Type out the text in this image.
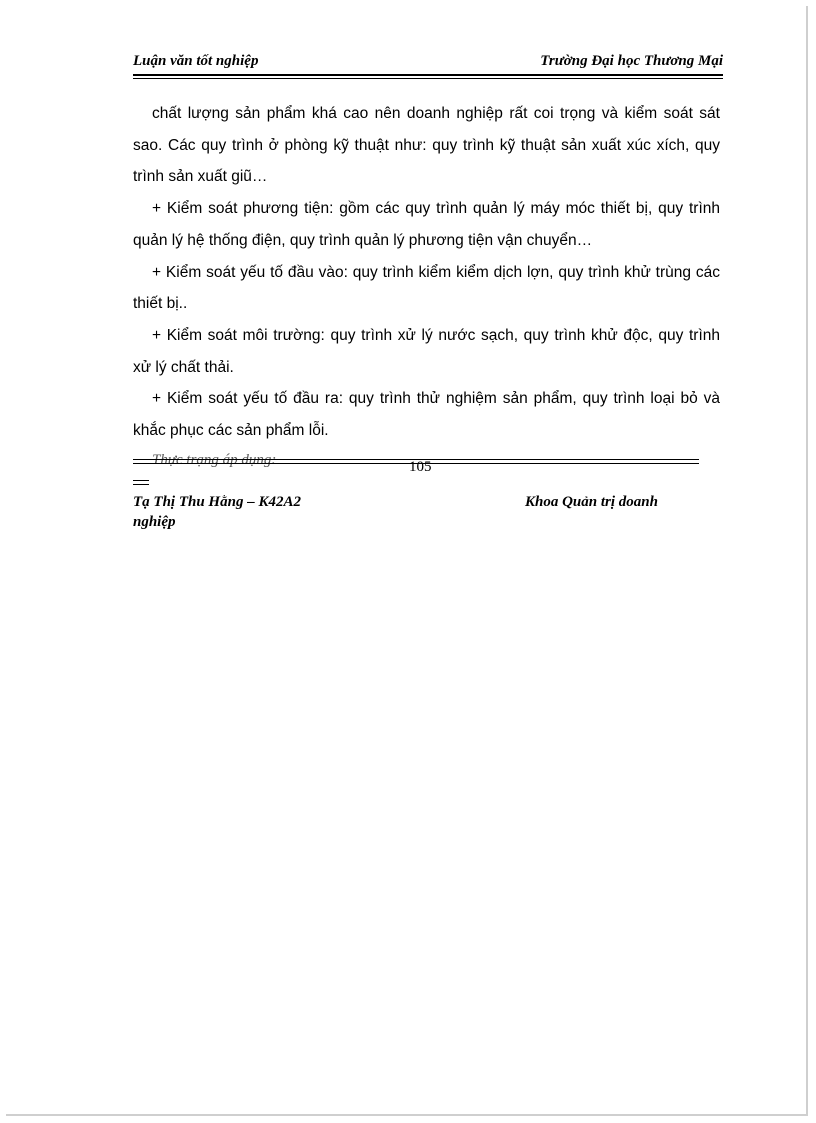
Luận văn tốt nghiệp	Trường Đại học Thương Mại

chất lượng sản phẩm khá cao nên doanh nghiệp rất coi trọng và kiểm soát sát sao. Các quy trình ở phòng kỹ thuật như: quy trình kỹ thuật sản xuất xúc xích, quy trình sản xuất giũ…

+ Kiểm soát phương tiện: gồm các quy trình quản lý máy móc thiết bị, quy trình quản lý hệ thống điện, quy trình quản lý phương tiện vận chuyển…

+ Kiểm soát yếu tố đầu vào: quy trình kiểm kiểm dịch lợn, quy trình khử trùng các thiết bị..

+ Kiểm soát môi trường: quy trình xử lý nước sạch, quy trình khử độc, quy trình xử lý chất thải.

+ Kiểm soát yếu tố đầu ra: quy trình thử nghiệm sản phẩm, quy trình loại bỏ và khắc phục các sản phẩm lỗi.

Thực trạng áp dụng:	105
Tạ Thị Thu Hằng – K42A2	Khoa Quản trị doanh
nghiệp
